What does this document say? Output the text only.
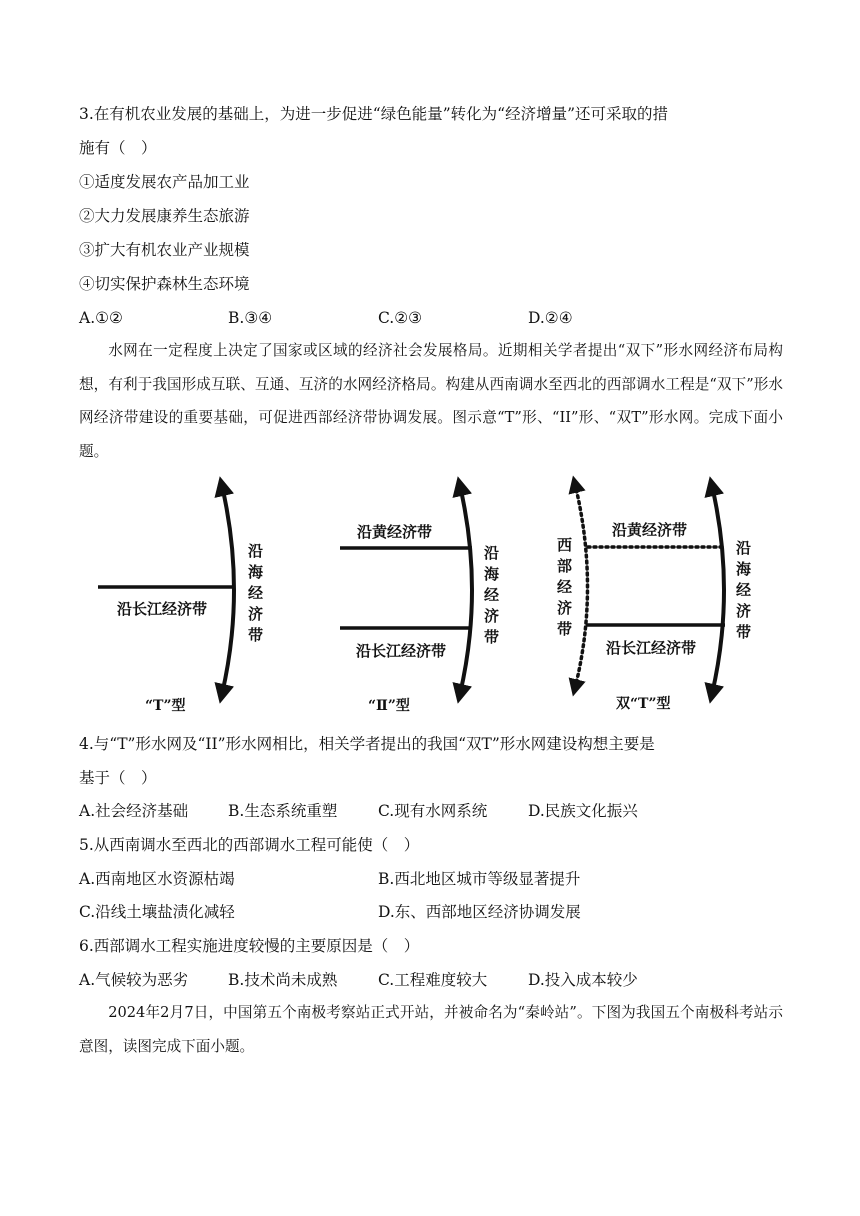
3.在有机农业发展的基础上，为进一步促进“绿色能量”转化为“经济增量”还可采取的措
施有（　）
①适度发展农产品加工业
②大力发展康养生态旅游
③扩大有机农业产业规模
④切实保护森林生态环境
A.①②	B.③④	C.②③	D.②④
水网在一定程度上决定了国家或区域的经济社会发展格局。近期相关学者提出“双下”形水网经济布局构想，有利于我国形成互联、互通、互济的水网经济格局。构建从西南调水至西北的西部调水工程是“双下”形水网经济带建设的重要基础，可促进西部经济带协调发展。图示意“T”形、“II”形、“双T”形水网。完成下面小题。
沿长江经济带
沿
海
经
济
带
“T”型
沿黄经济带
沿长江经济带
沿
海
经
济
带
“Ⅱ”型
沿黄经济带
沿长江经济带
西
部
经
济
带
沿
海
经
济
带
双“T”型
4.与“T”形水网及“II”形水网相比，相关学者提出的我国“双T”形水网建设构想主要是
基于（　）
A.社会经济基础	B.生态系统重塑	C.现有水网系统	D.民族文化振兴
5.从西南调水至西北的西部调水工程可能使（　）
A.西南地区水资源枯竭	B.西北地区城市等级显著提升
C.沿线土壤盐渍化减轻	D.东、西部地区经济协调发展
6.西部调水工程实施进度较慢的主要原因是（　）
A.气候较为恶劣	B.技术尚未成熟	C.工程难度较大	D.投入成本较少
2024年2月7日，中国第五个南极考察站正式开站，并被命名为“秦岭站”。下图为我国五个南极科考站示意图，读图完成下面小题。
